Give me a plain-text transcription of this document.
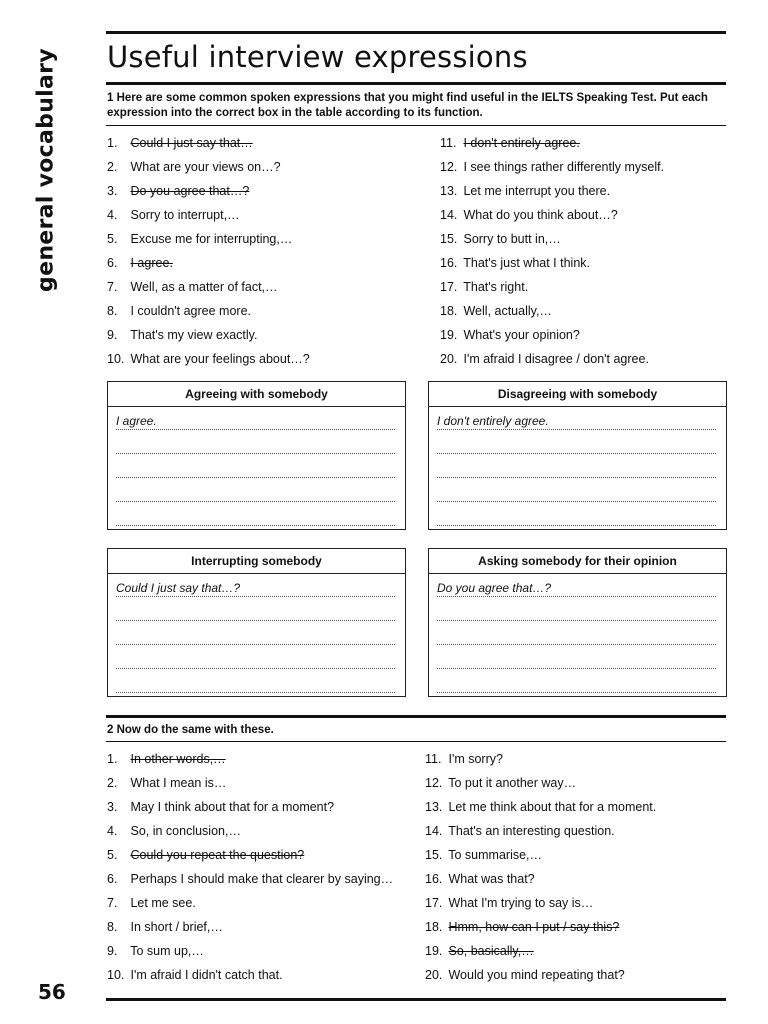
general vocabulary
56
Useful interview expressions
1 Here are some common spoken expressions that you might find useful in the IELTS Speaking Test. Put each expression into the correct box in the table according to its function.
1. Could I just say that…
2. What are your views on…?
3. Do you agree that…?
4. Sorry to interrupt,…
5. Excuse me for interrupting,…
6. I agree.
7. Well, as a matter of fact,…
8. I couldn't agree more.
9. That's my view exactly.
10. What are your feelings about…?
11. I don't entirely agree.
12. I see things rather differently myself.
13. Let me interrupt you there.
14. What do you think about…?
15. Sorry to butt in,…
16. That's just what I think.
17. That's right.
18. Well, actually,…
19. What's your opinion?
20. I'm afraid I disagree / don't agree.
Agreeing with somebody
I agree.
Disagreeing with somebody
I don't entirely agree.
Interrupting somebody
Could I just say that…?
Asking somebody for their opinion
Do you agree that…?
2 Now do the same with these.
1. In other words,…
2. What I mean is…
3. May I think about that for a moment?
4. So, in conclusion,…
5. Could you repeat the question?
6. Perhaps I should make that clearer by saying…
7. Let me see.
8. In short / brief,…
9. To sum up,…
10. I'm afraid I didn't catch that.
11. I'm sorry?
12. To put it another way…
13. Let me think about that for a moment.
14. That's an interesting question.
15. To summarise,…
16. What was that?
17. What I'm trying to say is…
18. Hmm, how can I put / say this?
19. So, basically,…
20. Would you mind repeating that?
